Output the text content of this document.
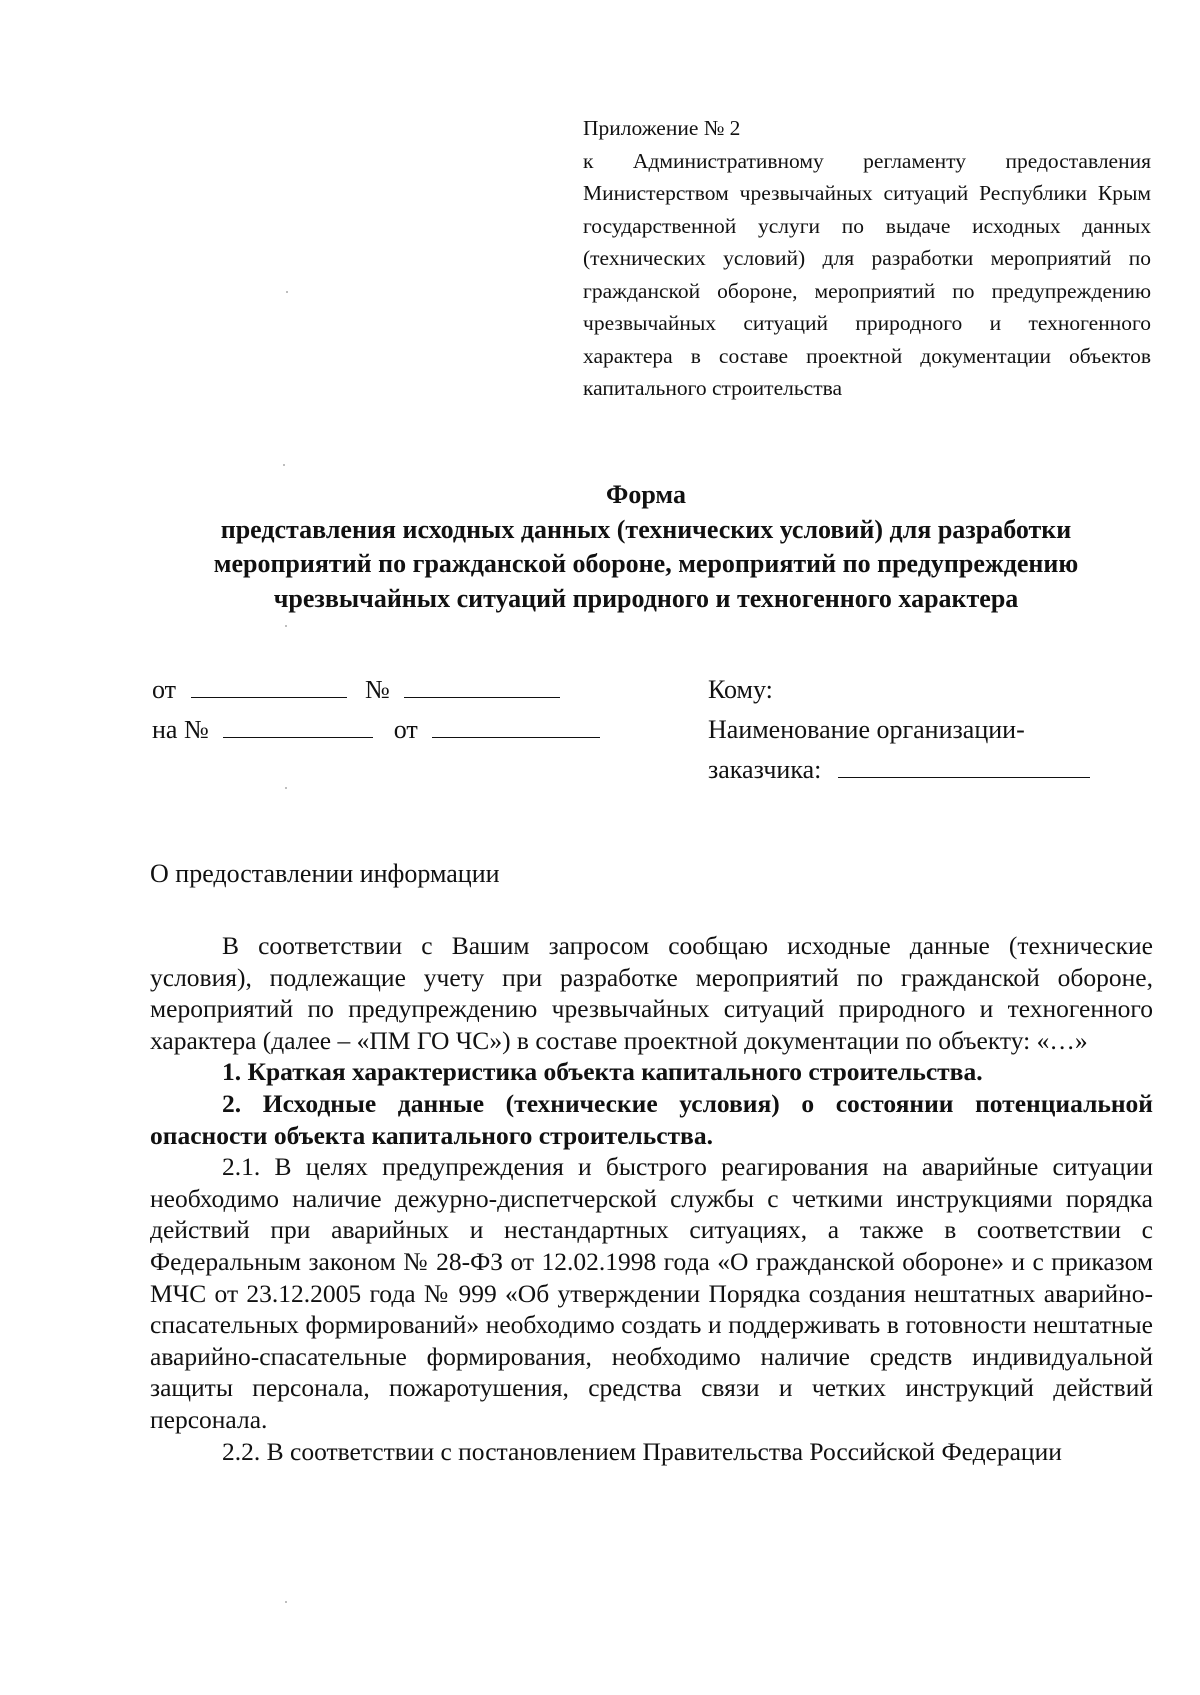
Приложение № 2
к Административному регламенту предоставления Министерством чрезвычайных ситуаций Республики Крым государственной услуги по выдаче исходных данных (технических условий) для разработки мероприятий по гражданской обороне, мероприятий по предупреждению чрезвычайных ситуаций природного и техногенного характера в составе проектной документации объектов капитального строительства
Форма
представления исходных данных (технических условий) для разработки мероприятий по гражданской обороне, мероприятий по предупреждению чрезвычайных ситуаций природного и техногенного характера
от	№
на №	от
Кому:
Наименование организации-
заказчика:
О предоставлении информации

В соответствии с Вашим запросом сообщаю исходные данные (технические условия), подлежащие учету при разработке мероприятий по гражданской обороне, мероприятий по предупреждению чрезвычайных ситуаций природного и техногенного характера (далее – «ПМ ГО ЧС») в составе проектной документации по объекту: «…»

1. Краткая характеристика объекта капитального строительства.

2. Исходные данные (технические условия) о состоянии потенциальной опасности объекта капитального строительства.

2.1. В целях предупреждения и быстрого реагирования на аварийные ситуации необходимо наличие дежурно-диспетчерской службы с четкими инструкциями порядка действий при аварийных и нестандартных ситуациях, а также в соответствии с Федеральным законом № 28-ФЗ от 12.02.1998 года «О гражданской обороне» и с приказом МЧС от 23.12.2005 года № 999 «Об утверждении Порядка создания нештатных аварийно-спасательных формирований» необходимо создать и поддерживать в готовности нештатные аварийно-спасательные формирования, необходимо наличие средств индивидуальной защиты персонала, пожаротушения, средства связи и четких инструкций действий персонала.

2.2. В соответствии с постановлением Правительства Российской Федерации
